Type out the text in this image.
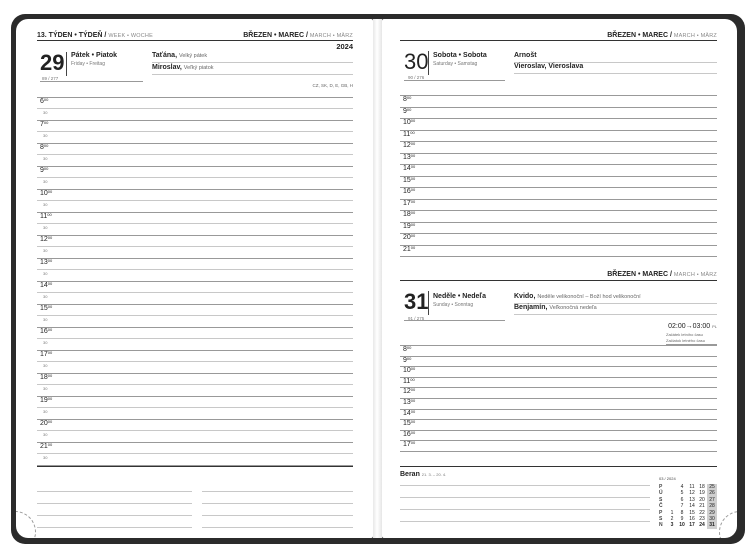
13. TÝDEN • TÝDEŇ / WEEK • WOCHE	BŘEZEN • MAREC / MARCH • MÄRZ
2024
29 Pátek • Piatok
Friday • Freitag
89 / 277
Taťána, Velký pátek
Miroslav, Veľký piatok
CZ, SK, D, E, GB, H
$6^{00}$
30
$7^{00}$
30
$8^{00}$
30
$9^{00}$
30
$10^{00}$
30
$11^{00}$
30
$12^{00}$
30
$13^{00}$
30
$14^{00}$
30
$15^{00}$
30
$16^{00}$
30
$17^{00}$
30
$18^{00}$
30
$19^{00}$
30
$20^{00}$
30
$21^{00}$
30
BŘEZEN • MAREC / MARCH • MÄRZ
30 Sobota • Sobota
Saturday • Samstag
90 / 276
Arnošt
Vieroslav, Vieroslava
$8^{00}$
$9^{00}$
$10^{00}$
$11^{00}$
$12^{00}$
$13^{00}$
$14^{00}$
$15^{00}$
$16^{00}$
$17^{00}$
$18^{00}$
$19^{00}$
$20^{00}$
$21^{00}$
BŘEZEN • MAREC / MARCH • MÄRZ
31 Neděle • Nedeľa
Sunday • Sonntag
91 / 275
Kvido, Neděle velikonoční – Boží hod velikonoční
Benjamín, Veľkonočná nedeľa
02:00→03:00 PL
Začátek letního času
Začiatok letného času
$8^{00}$
$9^{00}$
$10^{00}$
$11^{00}$
$12^{00}$
$13^{00}$
$14^{00}$
$15^{00}$
$16^{00}$
$17^{00}$
Beran 21. 3. – 20. 4.
03 / 2024
P	4	11 18 25
Ú	5	12 19 26
S	6	13 20 27
Č	7	14 21 28
P	1	8	15 22 29
S	2	9	16 23 30
N	3	10 17 24 31
